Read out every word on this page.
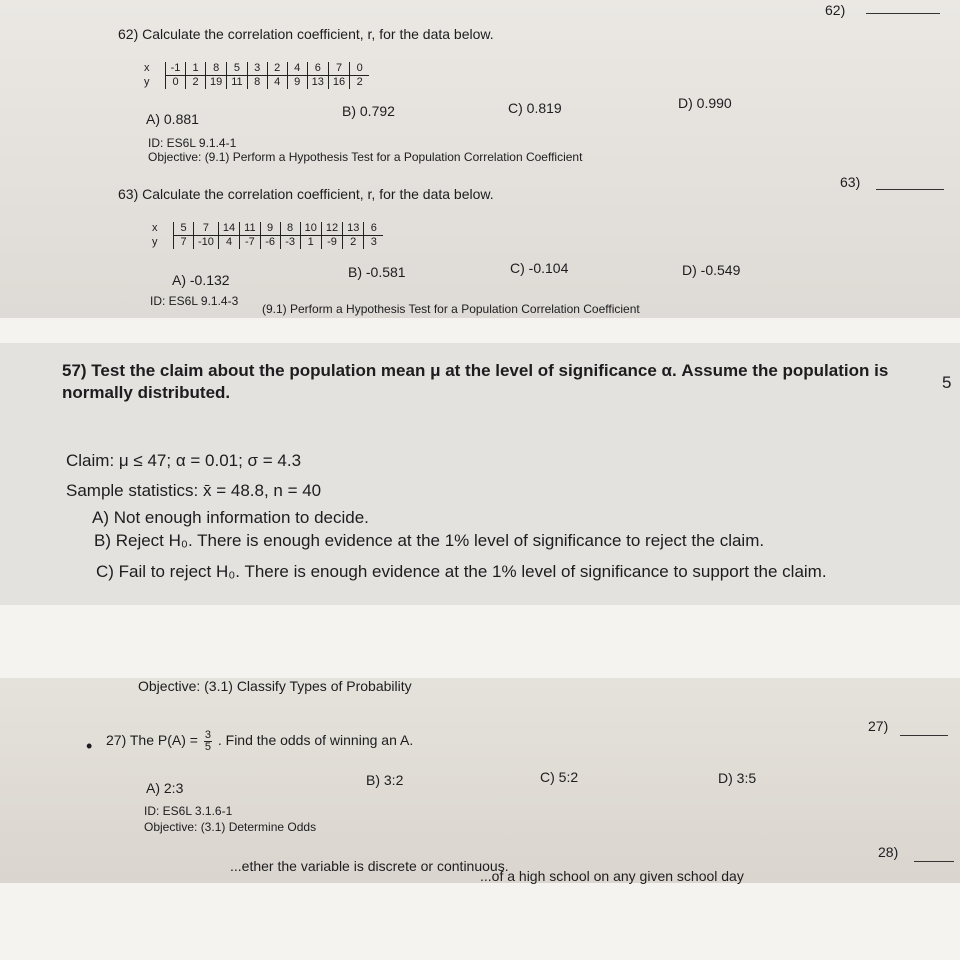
62)
62) Calculate the correlation coefficient, r, for the data below.
x	-1	1	8	5	3	2	4	6	7	0
y	0	2	19	11	8	4	9	13	16	2
A) 0.881	B) 0.792	C) 0.819	D) 0.990
ID: ES6L 9.1.4-1
Objective: (9.1) Perform a Hypothesis Test for a Population Correlation Coefficient
63)
63) Calculate the correlation coefficient, r, for the data below.
x	5	7	14	11	9	8	10	12	13	6
y	7	-10	4	-7	-6	-3	1	-9	2	3
A) -0.132	B) -0.581	C) -0.104	D) -0.549
ID: ES6L 9.1.4-3
(9.1) Perform a Hypothesis Test for a Population Correlation Coefficient
57) Test the claim about the population mean μ at the level of significance α. Assume the population is
5
normally distributed.
Claim: μ ≤ 47; α = 0.01; σ = 4.3
Sample statistics: x̄ = 48.8, n = 40
A) Not enough information to decide.
B) Reject H₀. There is enough evidence at the 1% level of significance to reject the claim.
C) Fail to reject H₀. There is enough evidence at the 1% level of significance to support the claim.
Objective: (3.1) Classify Types of Probability
27)
• 27) The $P(A) = \frac{3}{5}$ . Find the odds of winning an A.
A) 2:3	B) 3:2	C) 5:2	D) 3:5
ID: ES6L 3.1.6-1
Objective: (3.1) Determine Odds
28)
...ether the variable is discrete or continuous.
...of a high school on any given school day
